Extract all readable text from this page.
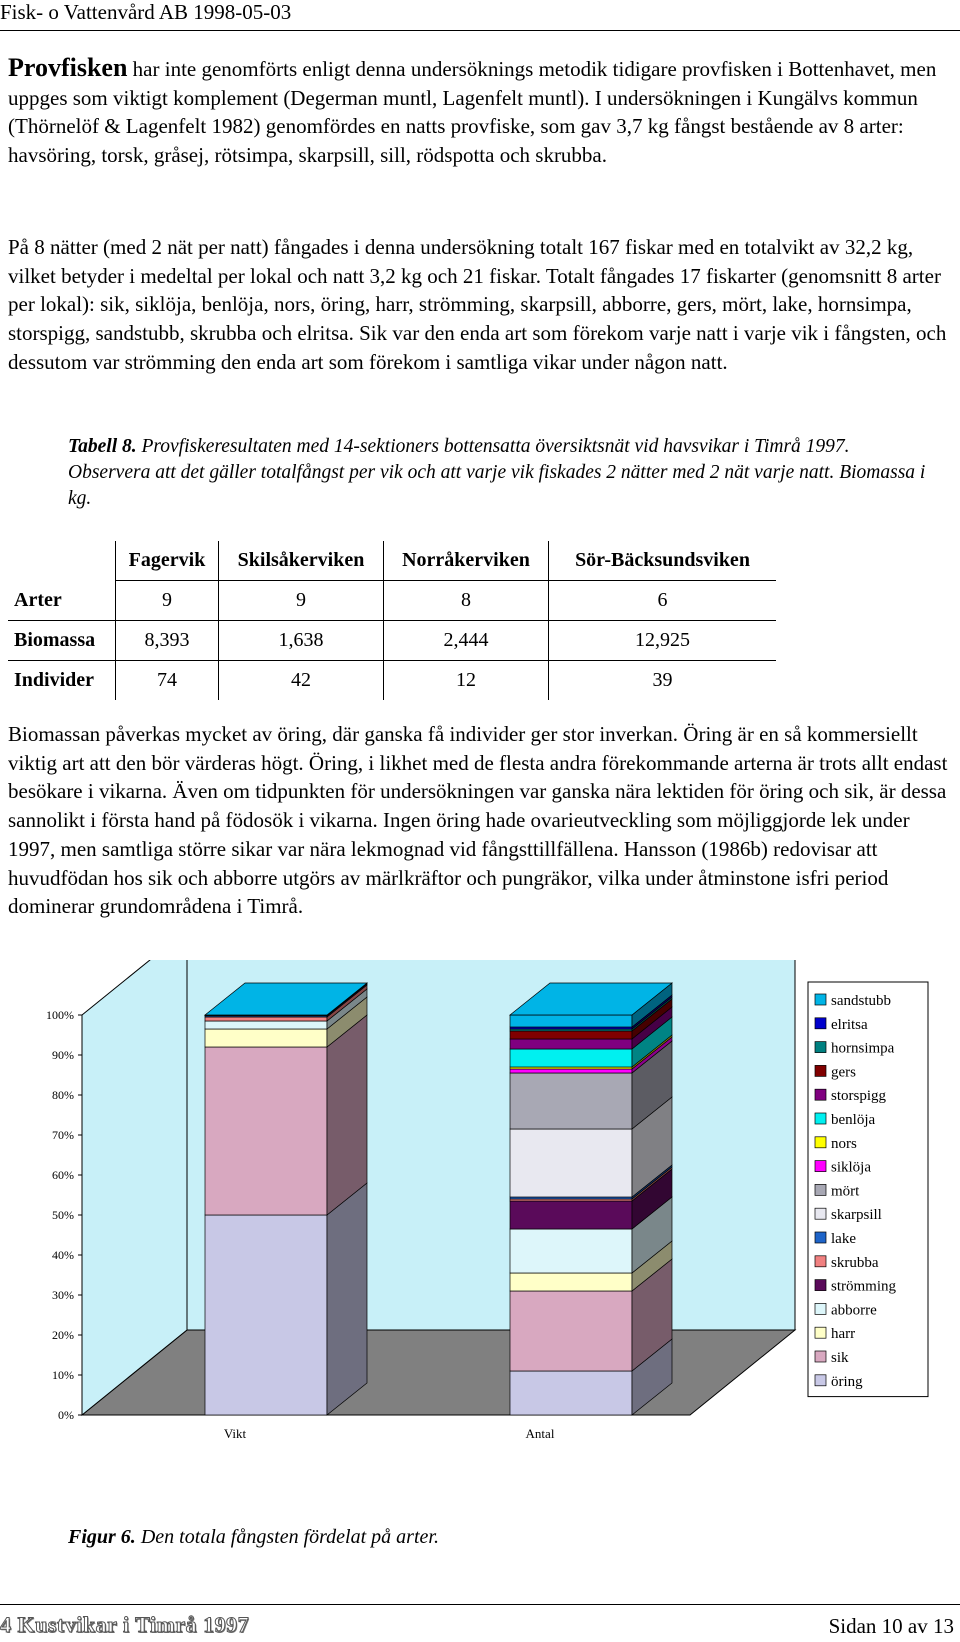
Fisk- o Vattenvård AB 1998-05-03

Provfisken har inte genomförts enligt denna undersöknings metodik tidigare provfisken i Bottenhavet, men uppges som viktigt komplement (Degerman muntl, Lagenfelt muntl). I undersökningen i Kungälvs kommun (Thörnelöf & Lagenfelt 1982) genomfördes en natts provfiske, som gav 3,7 kg fångst bestående av 8 arter: havsöring, torsk, gråsej, rötsimpa, skarpsill, sill, rödspotta och skrubba.

På 8 nätter (med 2 nät per natt) fångades i denna undersökning totalt 167 fiskar med en totalvikt av 32,2 kg, vilket betyder i medeltal per lokal och natt 3,2 kg och 21 fiskar. Totalt fångades 17 fiskarter (genomsnitt 8 arter per lokal): sik, siklöja, benlöja, nors, öring, harr, strömming, skarpsill, abborre, gers, mört, lake, hornsimpa, storspigg, sandstubb, skrubba och elritsa. Sik var den enda art som förekom varje natt i varje vik i fångsten, och dessutom var strömming den enda art som förekom i samtliga vikar under någon natt.

Tabell 8. Provfiskeresultaten med 14-sektioners bottensatta översiktsnät vid havsvikar i Timrå 1997. Observera att det gäller totalfångst per vik och att varje vik fiskades 2 nätter med 2 nät varje natt. Biomassa i kg.

	Fagervik	Skilsåkerviken	Norråkerviken	Sör-Bäcksundsviken
Arter	9	9	8	6
Biomassa	8,393	1,638	2,444	12,925
Individer	74	42	12	39

Biomassan påverkas mycket av öring, där ganska få individer ger stor inverkan. Öring är en så kommersiellt viktig art att den bör värderas högt. Öring, i likhet med de flesta andra förekommande arterna är trots allt endast besökare i vikarna. Även om tidpunkten för undersökningen var ganska nära lektiden för öring och sik, är dessa sannolikt i första hand på födosök i vikarna. Ingen öring hade ovarieutveckling som möjliggjorde lek under 1997, men samtliga större sikar var nära lekmognad vid fångsttillfällena. Hansson (1986b) redovisar att huvudfödan hos sik och abborre utgörs av märlkräftor och pungräkor, vilka under åtminstone isfri period dominerar grundområdena i Timrå.

0%
10%
20%
30%
40%
50%
60%
70%
80%
90%
100%
Vikt	Antal
sandstubb
elritsa
hornsimpa
gers
storspigg
benlöja
nors
siklöja
mört
skarpsill
lake
skrubba
strömming
abborre
harr
sik
öring
Figur 6. Den totala fångsten fördelat på arter.
4 Kustvikar i Timrå 1997	Sidan 10 av 13
